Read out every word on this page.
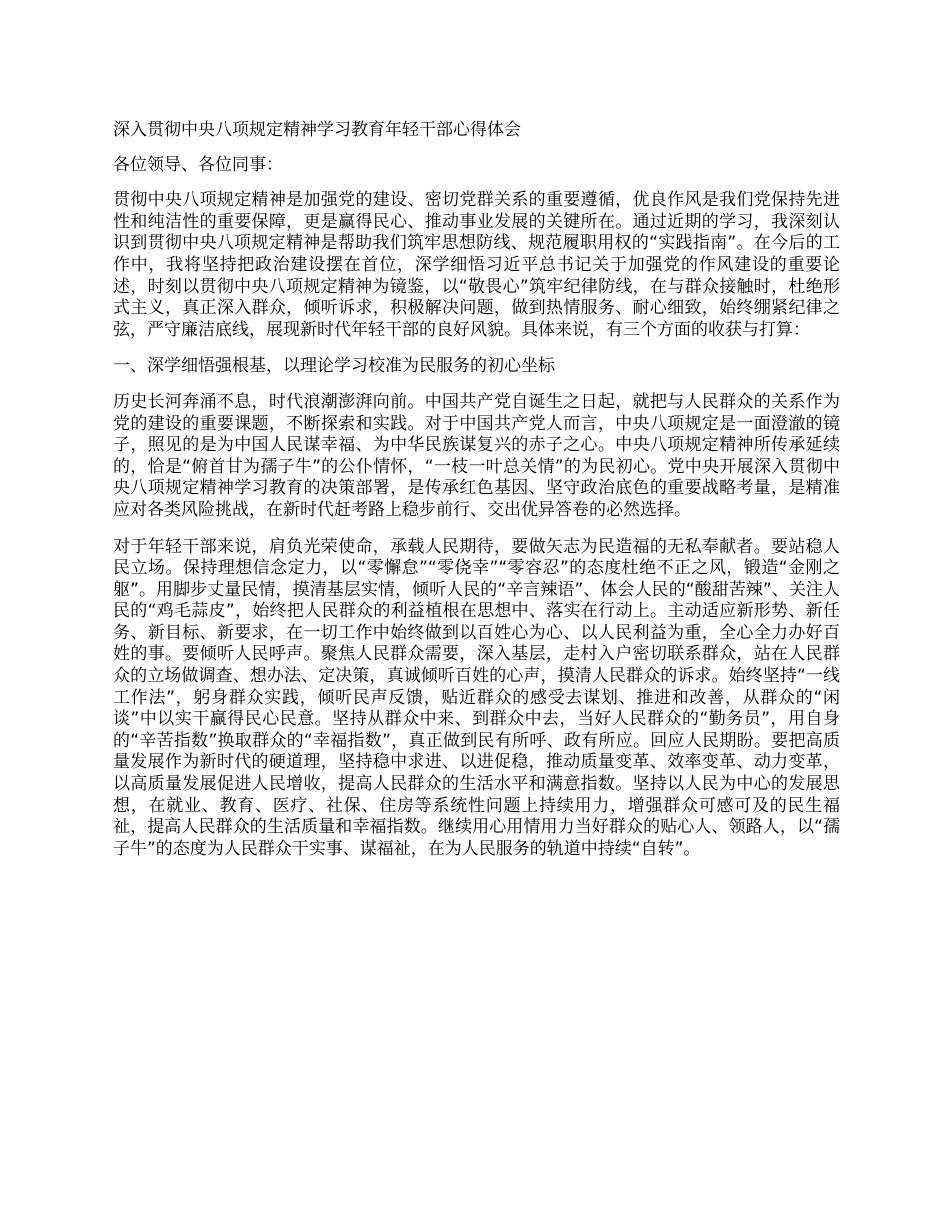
深入贯彻中央八项规定精神学习教育年轻干部心得体会

各位领导、各位同事：

贯彻中央八项规定精神是加强党的建设、密切党群关系的重要遵循，优良作风是我们党保持先进性和纯洁性的重要保障，更是赢得民心、推动事业发展的关键所在。通过近期的学习，我深刻认识到贯彻中央八项规定精神是帮助我们筑牢思想防线、规范履职用权的“实践指南”。在今后的工作中，我将坚持把政治建设摆在首位，深学细悟习近平总书记关于加强党的作风建设的重要论述，时刻以贯彻中央八项规定精神为镜鉴，以“敬畏心”筑牢纪律防线，在与群众接触时，杜绝形式主义，真正深入群众，倾听诉求，积极解决问题，做到热情服务、耐心细致，始终绷紧纪律之弦，严守廉洁底线，展现新时代年轻干部的良好风貌。具体来说，有三个方面的收获与打算：

一、深学细悟强根基，以理论学习校准为民服务的初心坐标

历史长河奔涌不息，时代浪潮澎湃向前。中国共产党自诞生之日起，就把与人民群众的关系作为党的建设的重要课题，不断探索和实践。对于中国共产党人而言，中央八项规定是一面澄澈的镜子，照见的是为中国人民谋幸福、为中华民族谋复兴的赤子之心。中央八项规定精神所传承延续的，恰是“俯首甘为孺子牛”的公仆情怀，“一枝一叶总关情”的为民初心。党中央开展深入贯彻中央八项规定精神学习教育的决策部署，是传承红色基因、坚守政治底色的重要战略考量，是精准应对各类风险挑战，在新时代赶考路上稳步前行、交出优异答卷的必然选择。

对于年轻干部来说，肩负光荣使命，承载人民期待，要做矢志为民造福的无私奉献者。要站稳人民立场。保持理想信念定力，以“零懈怠”“零侥幸”“零容忍”的态度杜绝不正之风，锻造“金刚之躯”。用脚步丈量民情，摸清基层实情，倾听人民的“辛言辣语”、体会人民的“酸甜苦辣”、关注人民的“鸡毛蒜皮”，始终把人民群众的利益植根在思想中、落实在行动上。主动适应新形势、新任务、新目标、新要求，在一切工作中始终做到以百姓心为心、以人民利益为重，全心全力办好百姓的事。要倾听人民呼声。聚焦人民群众需要，深入基层，走村入户密切联系群众，站在人民群众的立场做调查、想办法、定决策，真诚倾听百姓的心声，摸清人民群众的诉求。始终坚持“一线工作法”，躬身群众实践，倾听民声反馈，贴近群众的感受去谋划、推进和改善，从群众的“闲谈”中以实干赢得民心民意。坚持从群众中来、到群众中去，当好人民群众的“勤务员”，用自身的“辛苦指数”换取群众的“幸福指数”，真正做到民有所呼、政有所应。回应人民期盼。要把高质量发展作为新时代的硬道理，坚持稳中求进、以进促稳，推动质量变革、效率变革、动力变革，以高质量发展促进人民增收，提高人民群众的生活水平和满意指数。坚持以人民为中心的发展思想，在就业、教育、医疗、社保、住房等系统性问题上持续用力，增强群众可感可及的民生福祉，提高人民群众的生活质量和幸福指数。继续用心用情用力当好群众的贴心人、领路人，以“孺子牛”的态度为人民群众干实事、谋福祉，在为人民服务的轨道中持续“自转”。
